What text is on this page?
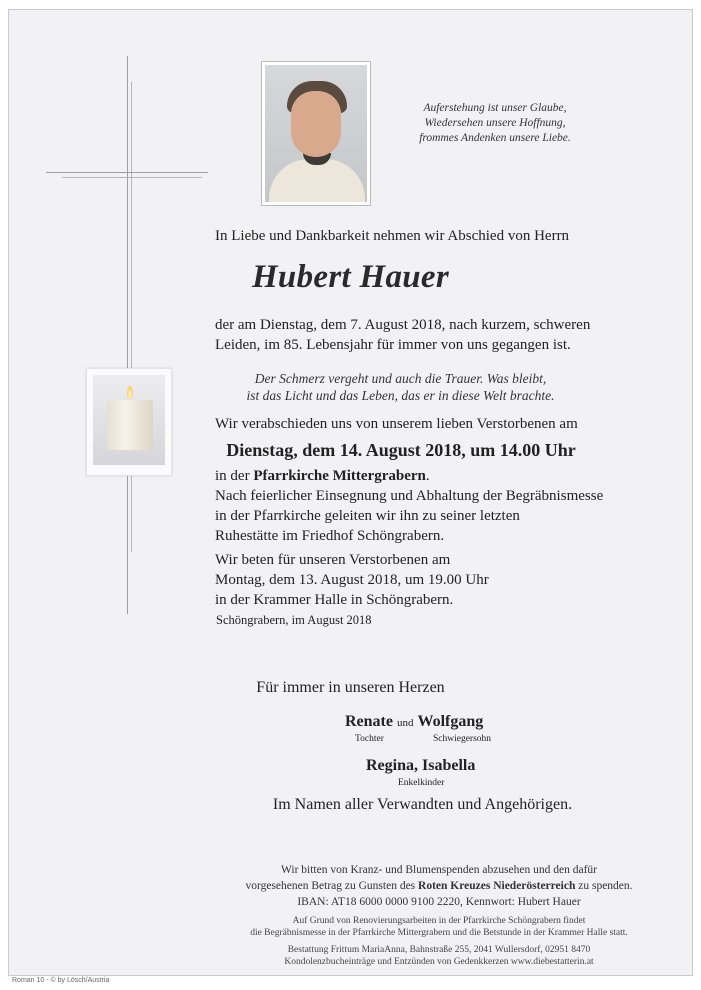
Auferstehung ist unser Glaube,
Wiedersehen unsere Hoffnung,
frommes Andenken unsere Liebe.
In Liebe und Dankbarkeit nehmen wir Abschied von Herrn
Hubert Hauer
der am Dienstag, dem 7. August 2018, nach kurzem, schweren
Leiden, im 85. Lebensjahr für immer von uns gegangen ist.
Der Schmerz vergeht und auch die Trauer. Was bleibt,
ist das Licht und das Leben, das er in diese Welt brachte.
Wir verabschieden uns von unserem lieben Verstorbenen am
Dienstag, dem 14. August 2018, um 14.00 Uhr
in der Pfarrkirche Mittergrabern.
Nach feierlicher Einsegnung und Abhaltung der Begräbnismesse
in der Pfarrkirche geleiten wir ihn zu seiner letzten
Ruhestätte im Friedhof Schöngrabern.
Wir beten für unseren Verstorbenen am
Montag, dem 13. August 2018, um 19.00 Uhr
in der Krammer Halle in Schöngrabern.
Schöngrabern, im August 2018
Für immer in unseren Herzen
Renate und Wolfgang
Tochter	Schwiegersohn
Regina, Isabella
Enkelkinder
Im Namen aller Verwandten und Angehörigen.
Wir bitten von Kranz- und Blumenspenden abzusehen und den dafür
vorgesehenen Betrag zu Gunsten des Roten Kreuzes Niederösterreich zu spenden.
IBAN: AT18 6000 0000 9100 2220, Kennwort: Hubert Hauer
Auf Grund von Renovierungsarbeiten in der Pfarrkirche Schöngrabern findet
die Begräbnismesse in der Pfarrkirche Mittergrabern und die Betstunde in der Krammer Halle statt.
Bestattung Frittum MariaAnna, Bahnstraße 255, 2041 Wullersdorf, 02951 8470
Kondolenzbucheinträge und Entzünden von Gedenkkerzen www.diebestatterin.at
Roman 10 - © by Lösch/Austria
